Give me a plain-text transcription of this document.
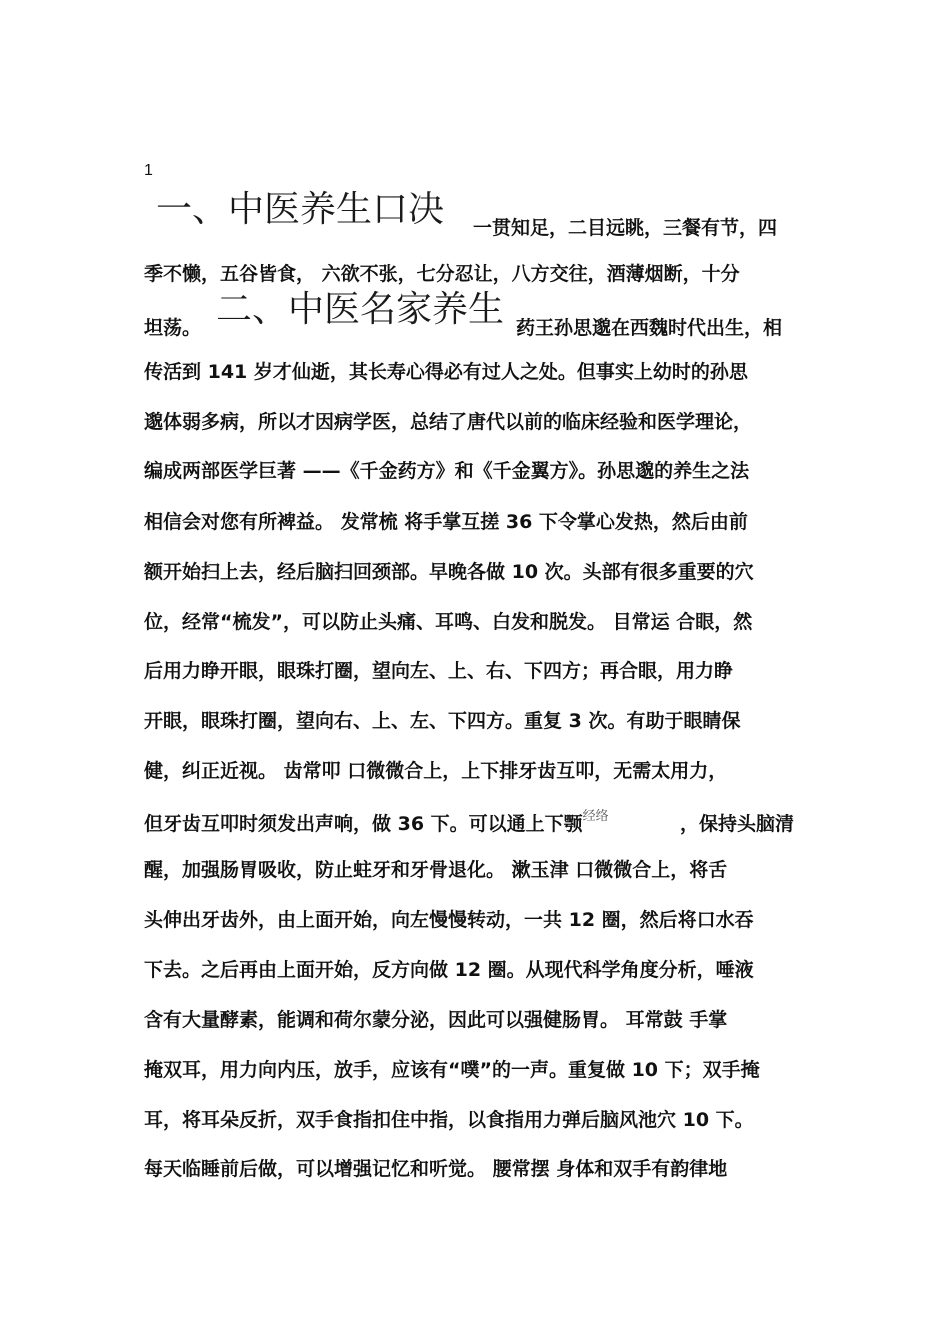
1
一、中医养生口决 一贯知足，二目远眺，三餐有节，四
季不懒，五谷皆食， 六欲不张，七分忍让，八方交往，酒薄烟断，十分
坦荡。 二、中医名家养生 药王孙思邈在西魏时代出生，相
传活到 141 岁才仙逝，其长寿心得必有过人之处。但事实上幼时的孙思
邈体弱多病，所以才因病学医，总结了唐代以前的临床经验和医学理论，
编成两部医学巨著 ——《千金药方》和《千金翼方》。孙思邈的养生之法
相信会对您有所裨益。 发常梳 将手掌互搓 36 下令掌心发热，然后由前
额开始扫上去，经后脑扫回颈部。早晚各做 10 次。头部有很多重要的穴
位，经常“梳发”，可以防止头痛、耳鸣、白发和脱发。 目常运 合眼，然
后用力睁开眼，眼珠打圈，望向左、上、右、下四方；再合眼，用力睁
开眼，眼珠打圈，望向右、上、左、下四方。重复 3 次。有助于眼睛保
健，纠正近视。 齿常叩 口微微合上，上下排牙齿互叩，无需太用力，
但牙齿互叩时须发出声响，做 36 下。可以通上下颚$^{经络}$	，保持头脑清
醒，加强肠胃吸收，防止蛀牙和牙骨退化。 漱玉津 口微微合上，将舌
头伸出牙齿外，由上面开始，向左慢慢转动，一共 12 圈，然后将口水吞
下去。之后再由上面开始，反方向做 12 圈。从现代科学角度分析，唾液
含有大量酵素，能调和荷尔蒙分泌，因此可以强健肠胃。 耳常鼓 手掌
掩双耳，用力向内压，放手，应该有“噗”的一声。重复做 10 下；双手掩
耳，将耳朵反折，双手食指扣住中指，以食指用力弹后脑风池穴 10 下。
每天临睡前后做，可以增强记忆和听觉。 腰常摆 身体和双手有韵律地
